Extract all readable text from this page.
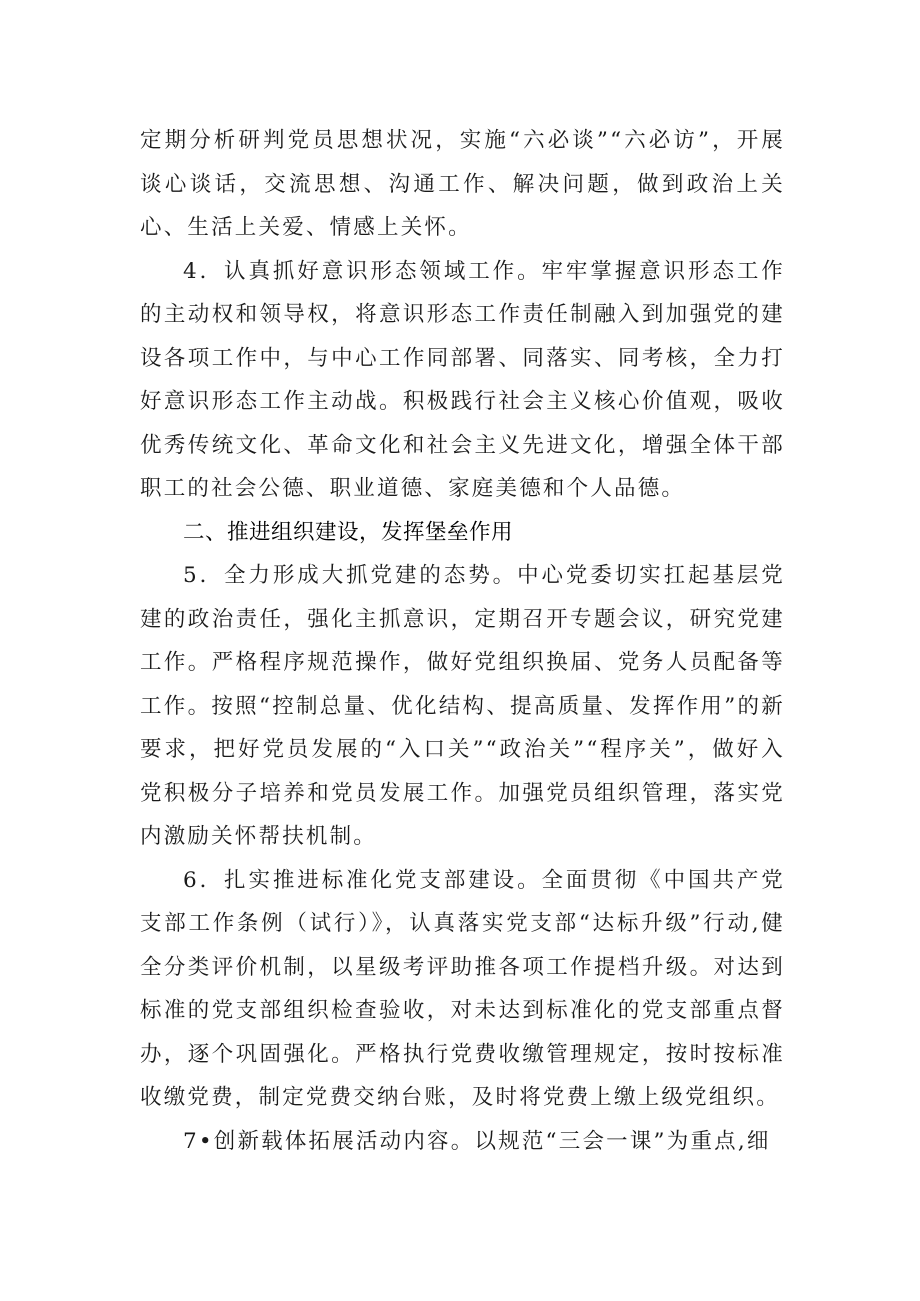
定期分析研判党员思想状况，实施“六必谈”“六必访”，开展谈心谈话，交流思想、沟通工作、解决问题，做到政治上关心、生活上关爱、情感上关怀。

4．认真抓好意识形态领域工作。牢牢掌握意识形态工作的主动权和领导权，将意识形态工作责任制融入到加强党的建设各项工作中，与中心工作同部署、同落实、同考核，全力打好意识形态工作主动战。积极践行社会主义核心价值观，吸收优秀传统文化、革命文化和社会主义先进文化，增强全体干部职工的社会公德、职业道德、家庭美德和个人品德。

二、推进组织建设，发挥堡垒作用

5．全力形成大抓党建的态势。中心党委切实扛起基层党建的政治责任，强化主抓意识，定期召开专题会议，研究党建工作。严格程序规范操作，做好党组织换届、党务人员配备等工作。按照“控制总量、优化结构、提高质量、发挥作用”的新要求，把好党员发展的“入口关”“政治关”“程序关”，做好入党积极分子培养和党员发展工作。加强党员组织管理，落实党内激励关怀帮扶机制。

6．扎实推进标准化党支部建设。全面贯彻《中国共产党支部工作条例（试行）》，认真落实党支部“达标升级”行动,健全分类评价机制，以星级考评助推各项工作提档升级。对达到标准的党支部组织检查验收，对未达到标准化的党支部重点督办，逐个巩固强化。严格执行党费收缴管理规定，按时按标准收缴党费，制定党费交纳台账，及时将党费上缴上级党组织。

7•创新载体拓展活动内容。以规范“三会一课”为重点,细
